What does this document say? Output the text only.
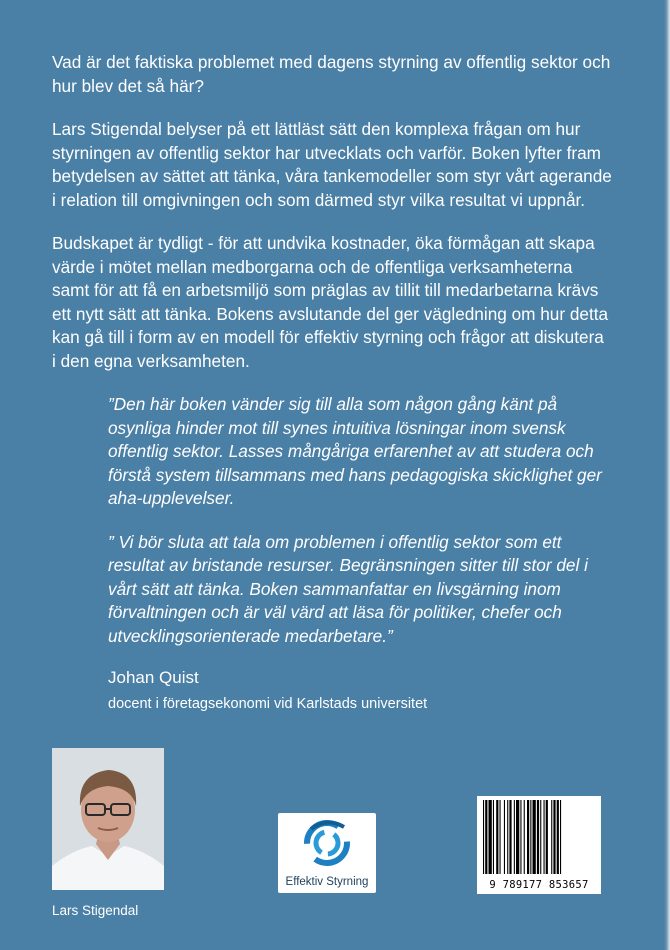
Vad är det faktiska problemet med dagens styrning av offentlig sektor och hur blev det så här?

Lars Stigendal belyser på ett lättläst sätt den komplexa frågan om hur styrningen av offentlig sektor har utvecklats och varför. Boken lyfter fram betydelsen av sättet att tänka, våra tankemodeller som styr vårt agerande i relation till omgivningen och som därmed styr vilka resultat vi uppnår.

Budskapet är tydligt - för att undvika kostnader, öka förmågan att skapa värde i mötet mellan medborgarna och de offentliga verksamheterna samt för att få en arbetsmiljö som präglas av tillit till medarbetarna krävs ett nytt sätt att tänka. Bokens avslutande del ger vägledning om hur detta kan gå till i form av en modell för effektiv styrning och frågor att diskutera i den egna verksamheten.

”Den här boken vänder sig till alla som någon gång känt på osynliga hinder mot till synes intuitiva lösningar inom svensk offentlig sektor. Lasses mångåriga erfarenhet av att studera och förstå system tillsammans med hans pedagogiska skicklighet ger aha-upplevelser.

” Vi bör sluta att tala om problemen i offentlig sektor som ett resultat av bristande resurser. Begränsningen sitter till stor del i vårt sätt att tänka. Boken sammanfattar en livsgärning inom förvaltningen och är väl värd att läsa för politiker, chefer och utvecklingsorienterade medarbetare.”

Johan Quist
docent i företagsekonomi vid Karlstads universitet
Lars Stigendal
Effektiv Styrning	9 789177 853657
